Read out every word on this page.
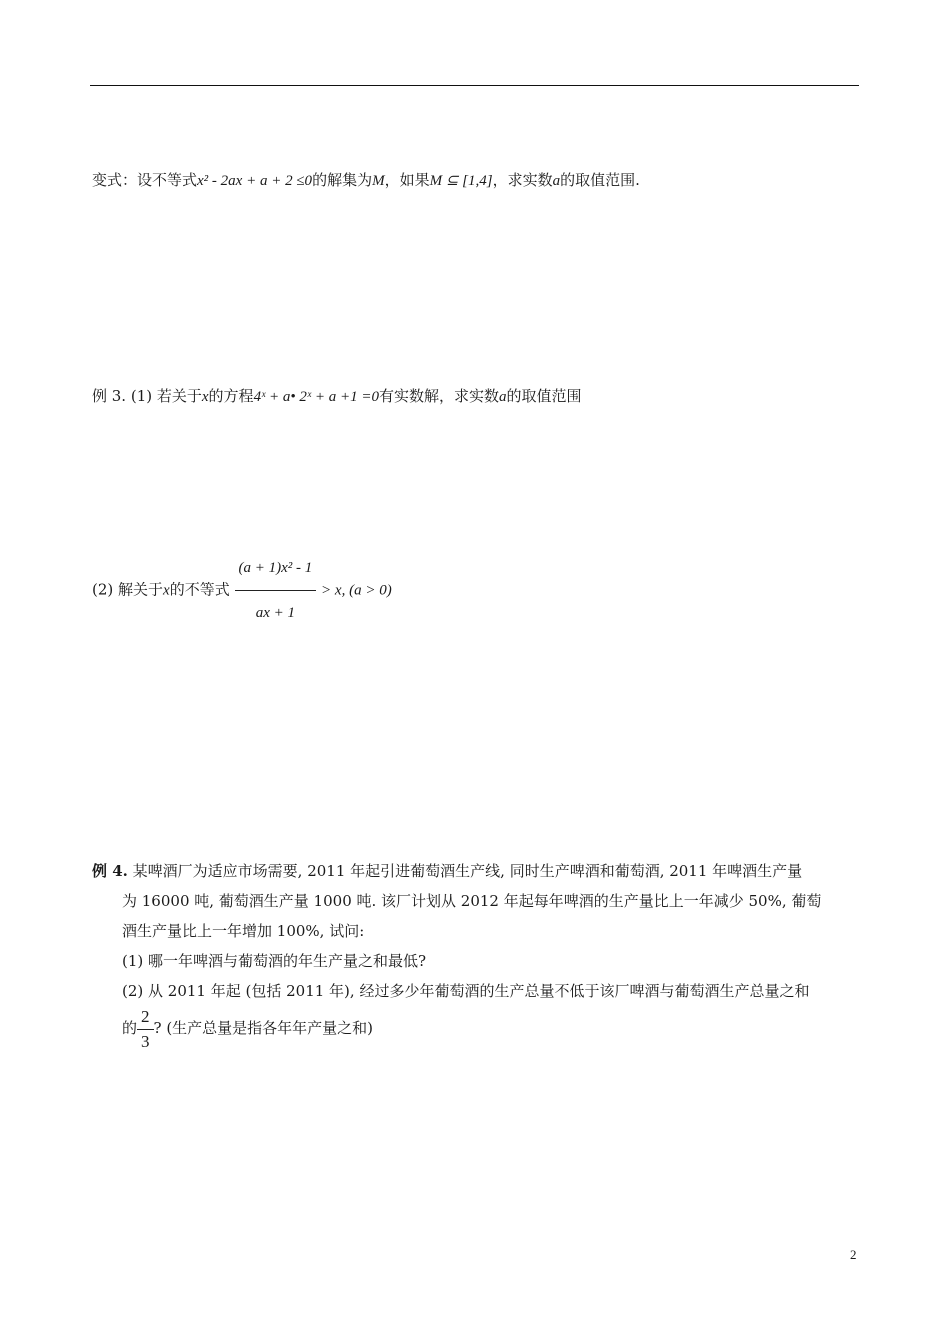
变式：设不等式x² - 2ax + a + 2 ≤0的解集为M，如果M ⊆ [1,4]，求实数a的取值范围.
例 3. (1) 若关于x的方程4ˣ + a• 2ˣ + a +1 =0有实数解，求实数a的取值范围
(2) 解关于x的不等式 $\frac{\text{(a + 1)x² - 1}}{ax + 1} > x$, (a > 0)
例 4. 某啤酒厂为适应市场需要, 2011 年起引进葡萄酒生产线, 同时生产啤酒和葡萄酒, 2011 年啤酒生产量
为 16000 吨, 葡萄酒生产量 1000 吨. 该厂计划从 2012 年起每年啤酒的生产量比上一年减少 50%, 葡萄
酒生产量比上一年增加 100%, 试问:
(1) 哪一年啤酒与葡萄酒的年生产量之和最低?
(2) 从 2011 年起 (包括 2011 年), 经过多少年葡萄酒的生产总量不低于该厂啤酒与葡萄酒生产总量之和
的 $\frac{2}{3}$ ? (生产总量是指各年年产量之和)
2
